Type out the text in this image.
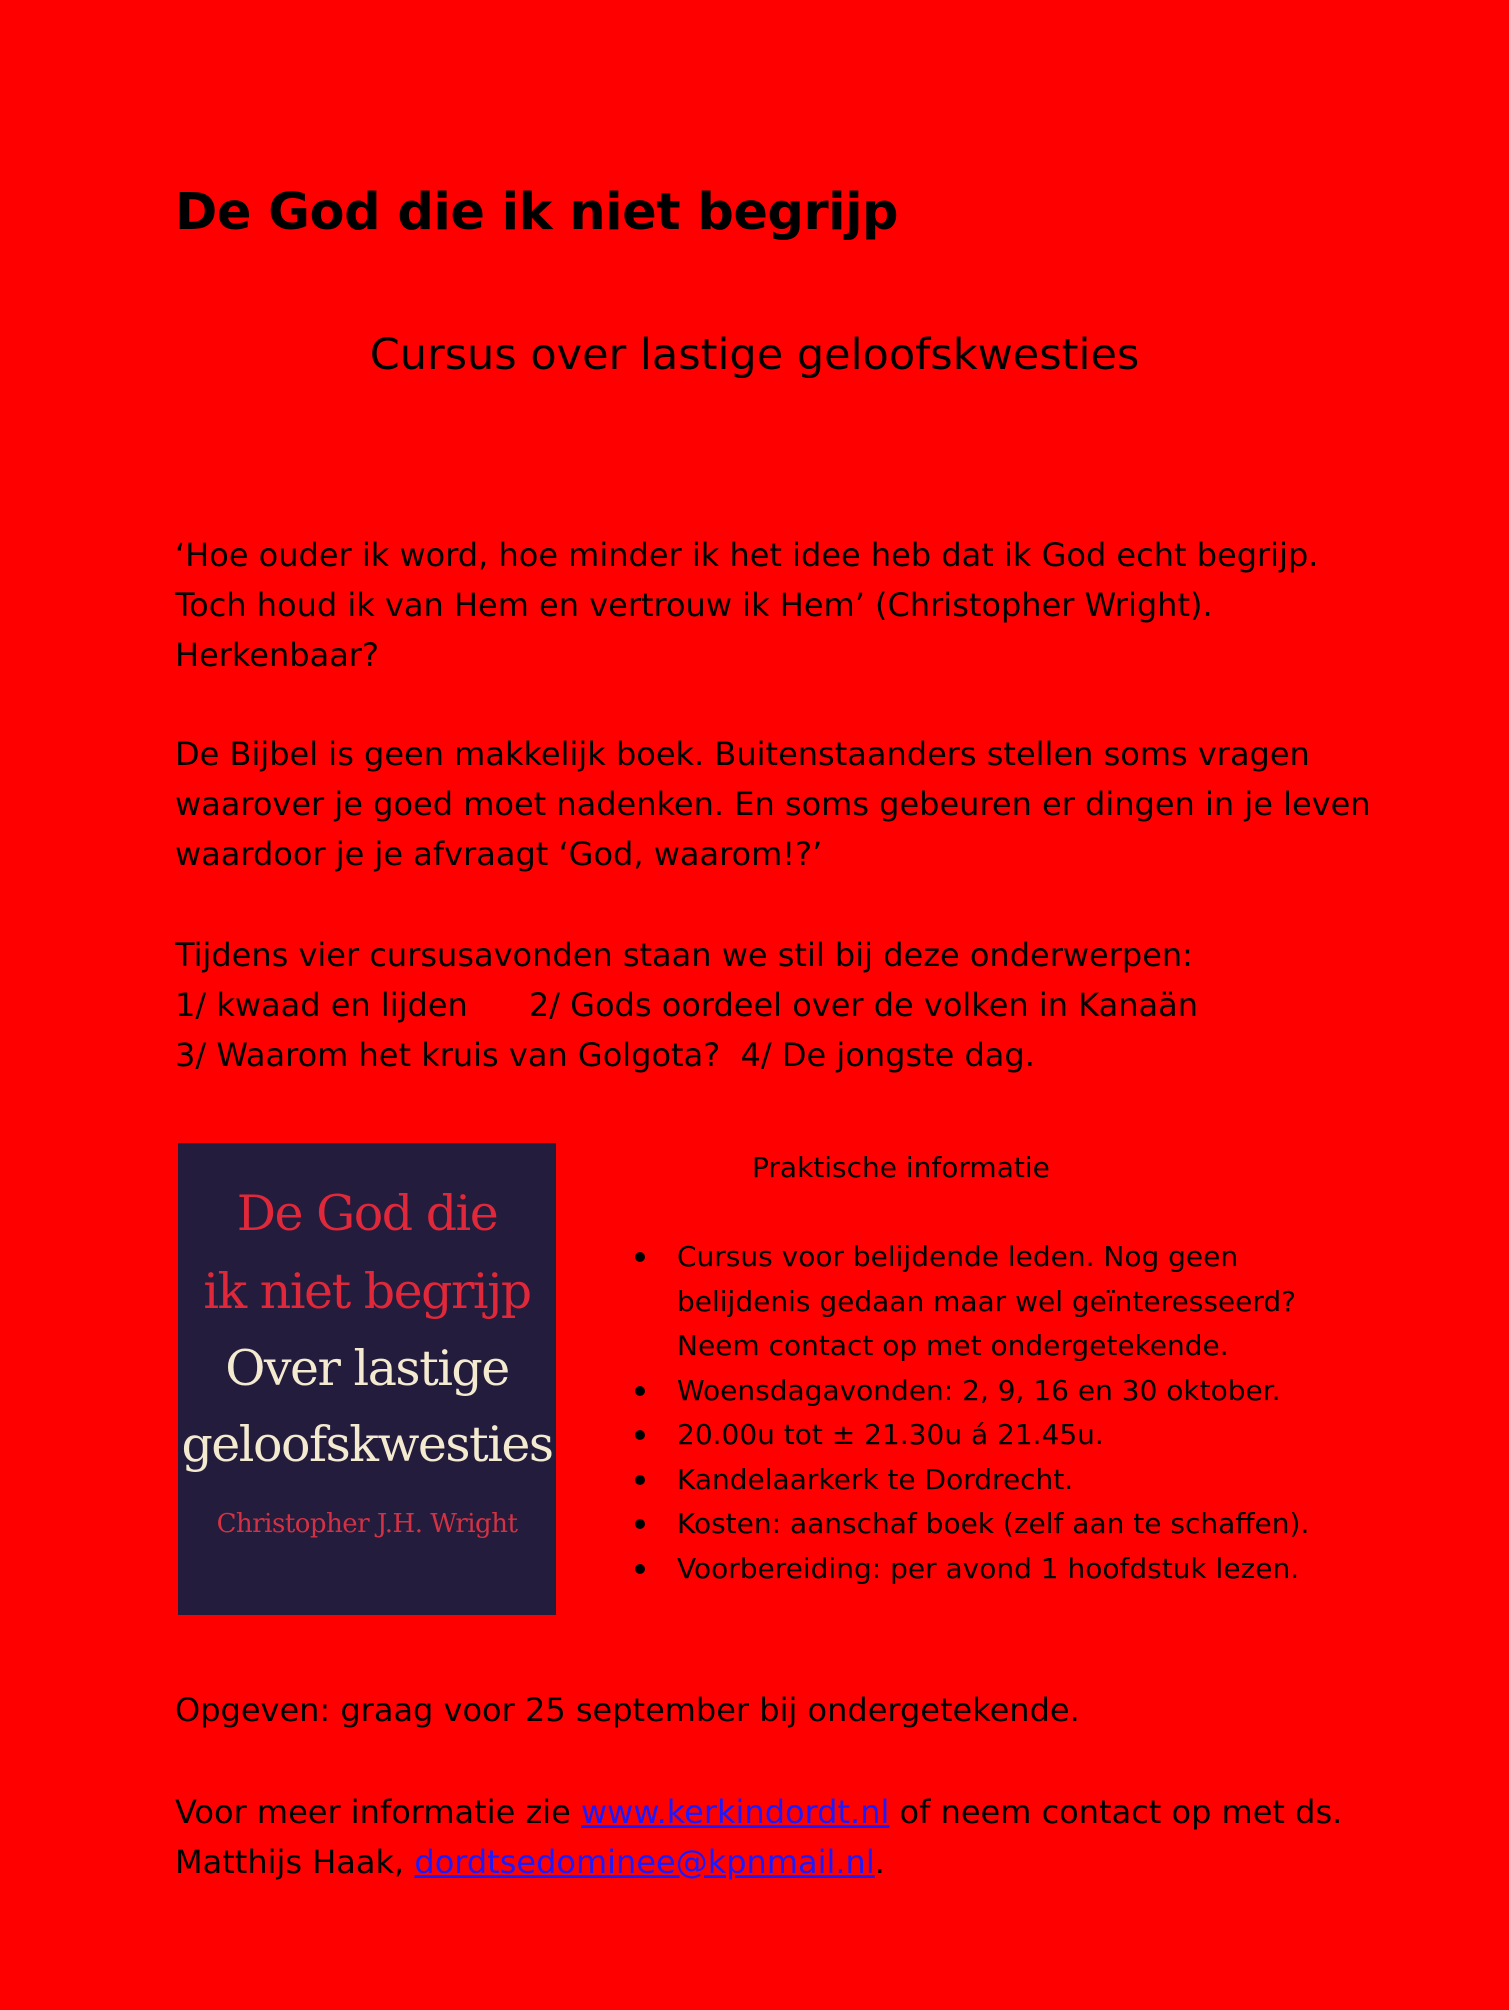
De God die ik niet begrijp
Cursus over lastige geloofskwesties

‘Hoe ouder ik word, hoe minder ik het idee heb dat ik God echt begrijp. Toch houd ik van Hem en vertrouw ik Hem’ (Christopher Wright). Herkenbaar?

De Bijbel is geen makkelijk boek. Buitenstaanders stellen soms vragen waarover je goed moet nadenken. En soms gebeuren er dingen in je leven waardoor je je afvraagt ‘God, waarom!?’

Tijdens vier cursusavonden staan we stil bij deze onderwerpen:
1/ kwaad en lijden      2/ Gods oordeel over de volken in Kanaän
3/ Waarom het kruis van Golgota?  4/ De jongste dag.

De God die
ik niet begrijp
Over lastige
geloofskwesties
Christopher J.H. Wright
Praktische informatie
Cursus voor belijdende leden. Nog geen belijdenis gedaan maar wel geïnteresseerd? Neem contact op met ondergetekende.
Woensdagavonden: 2, 9, 16 en 30 oktober.
20.00u tot ± 21.30u á 21.45u.
Kandelaarkerk te Dordrecht.
Kosten: aanschaf boek (zelf aan te schaffen).
Voorbereiding: per avond 1 hoofdstuk lezen.

Opgeven: graag voor 25 september bij ondergetekende.

Voor meer informatie zie www.kerkindordt.nl of neem contact op met ds. Matthijs Haak, dordtsedominee@kpnmail.nl.
